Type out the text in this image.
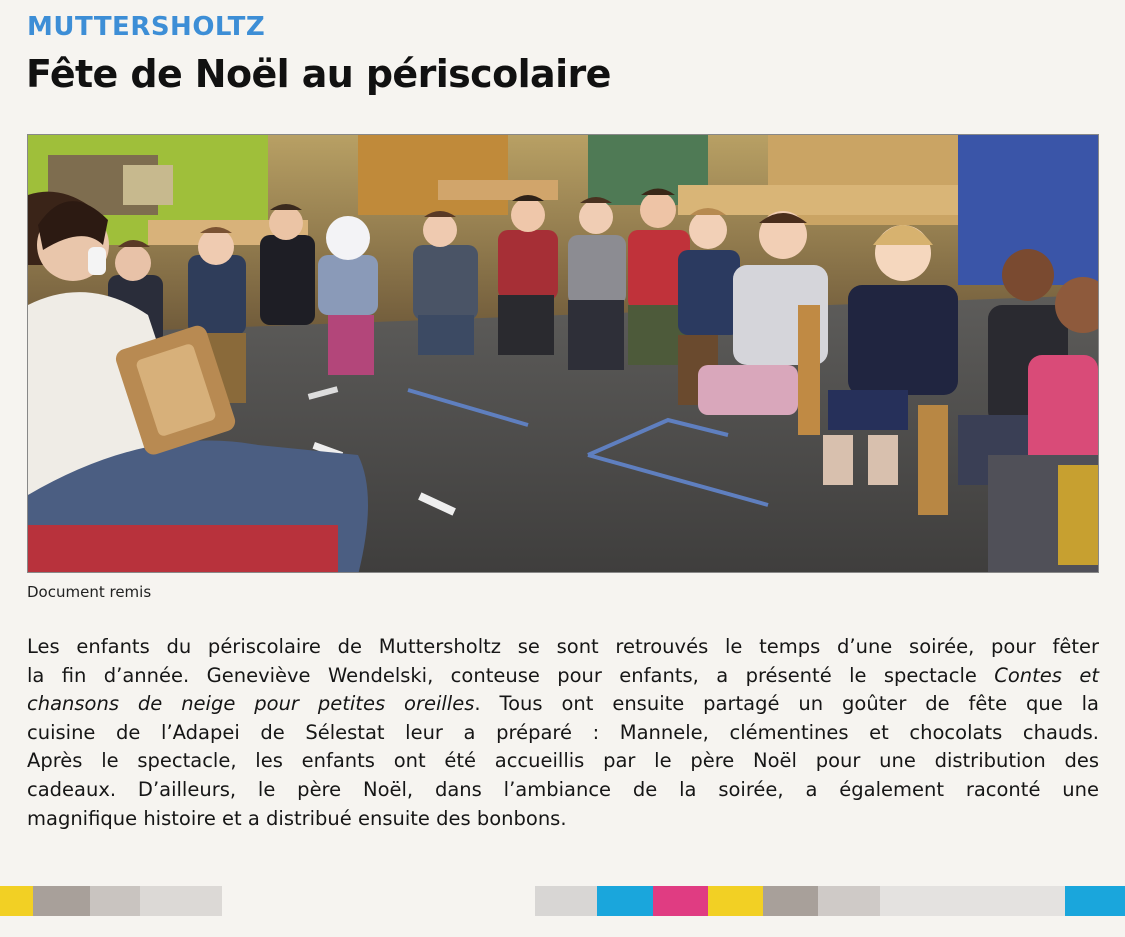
MUTTERSHOLTZ
Fête de Noël au périscolaire
Document remis
Les enfants du périscolaire de Muttersholtz se sont retrouvés le temps d’une soirée, pour fêter
la fin d’année. Geneviève Wendelski, conteuse pour enfants, a présenté le spectacle Contes et
chansons de neige pour petites oreilles. Tous ont ensuite partagé un goûter de fête que la
cuisine de l’Adapei de Sélestat leur a préparé : Mannele, clémentines et chocolats chauds.
Après le spectacle, les enfants ont été accueillis par le père Noël pour une distribution des
cadeaux. D’ailleurs, le père Noël, dans l’ambiance de la soirée, a également raconté une
magnifique histoire et a distribué ensuite des bonbons.
